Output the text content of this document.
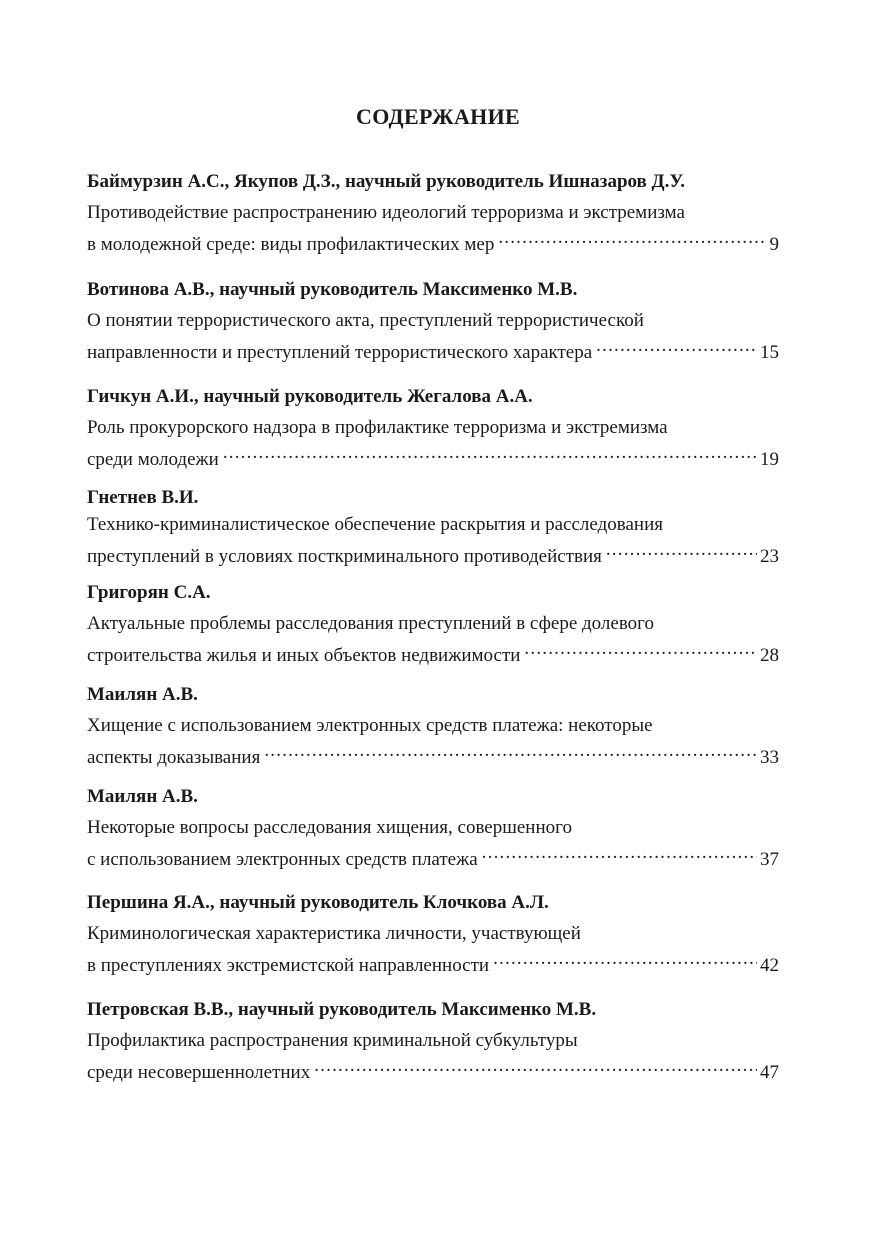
СОДЕРЖАНИЕ
Баймурзин А.С., Якупов Д.З., научный руководитель Ишназаров Д.У.
Противодействие распространению идеологий терроризма и экстремизма
в молодежной среде: виды профилактических мер .....	9
Вотинова А.В., научный руководитель Максименко М.В.
О понятии террористического акта, преступлений террористической
направленности и преступлений террористического характера .....	15
Гичкун А.И., научный руководитель Жегалова А.А.
Роль прокурорского надзора в профилактике терроризма и экстремизма
среди молодежи .....	19
Гнетнев В.И.
Технико-криминалистическое обеспечение раскрытия и расследования
преступлений в условиях посткриминального противодействия .....	23
Григорян С.А.
Актуальные проблемы расследования преступлений в сфере долевого
строительства жилья и иных объектов недвижимости .....	28
Маилян А.В.
Хищение с использованием электронных средств платежа: некоторые
аспекты доказывания .....	33
Маилян А.В.
Некоторые вопросы расследования хищения, совершенного
с использованием электронных средств платежа .....	37
Першина Я.А., научный руководитель Клочкова А.Л.
Криминологическая характеристика личности, участвующей
в преступлениях экстремистской направленности .....	42
Петровская В.В., научный руководитель Максименко М.В.
Профилактика распространения криминальной субкультуры
среди несовершеннолетних .....	47
